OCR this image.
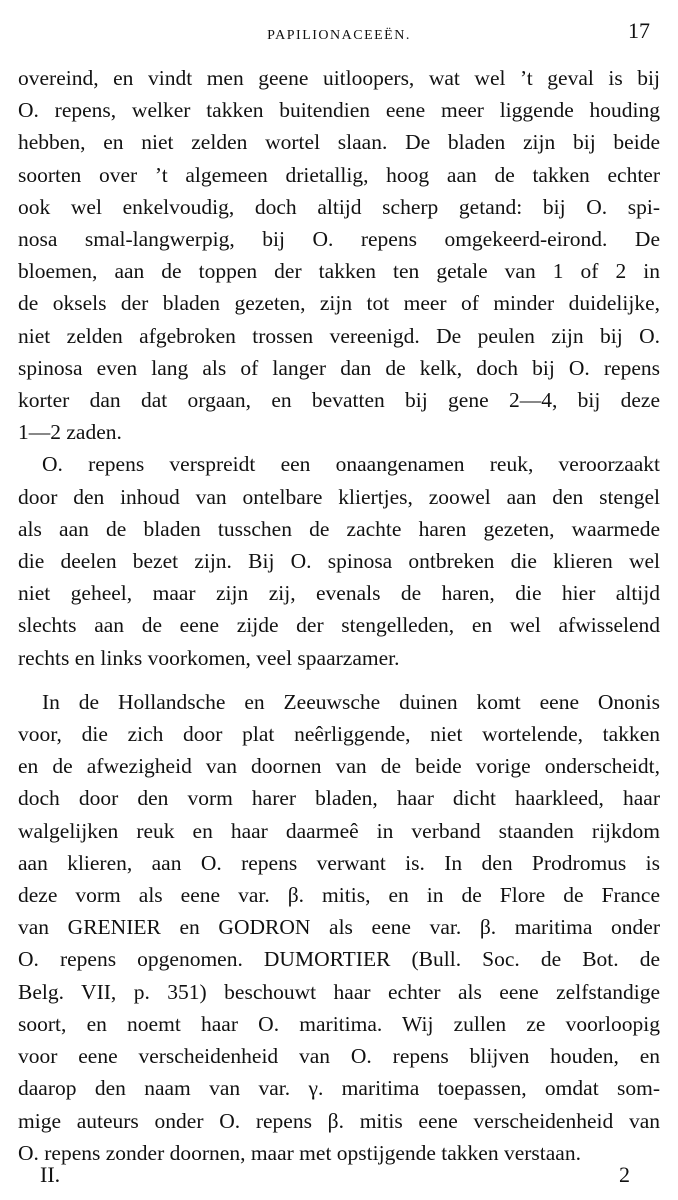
PAPILIONACEEËN.	17
overeind, en vindt men geene uitloopers, wat wel ’t geval is bij
O. repens, welker takken buitendien eene meer liggende houding
hebben, en niet zelden wortel slaan. De bladen zijn bij beide
soorten over ’t algemeen drietallig, hoog aan de takken echter
ook wel enkelvoudig, doch altijd scherp getand: bij O. spi-
nosa smal-langwerpig, bij O. repens omgekeerd-eirond. De
bloemen, aan de toppen der takken ten getale van 1 of 2 in
de oksels der bladen gezeten, zijn tot meer of minder duidelijke,
niet zelden afgebroken trossen vereenigd. De peulen zijn bij O.
spinosa even lang als of langer dan de kelk, doch bij O. repens
korter dan dat orgaan, en bevatten bij gene 2—4, bij deze
1—2 zaden.
O. repens verspreidt een onaangenamen reuk, veroorzaakt
door den inhoud van ontelbare kliertjes, zoowel aan den stengel
als aan de bladen tusschen de zachte haren gezeten, waarmede
die deelen bezet zijn. Bij O. spinosa ontbreken die klieren wel
niet geheel, maar zijn zij, evenals de haren, die hier altijd
slechts aan de eene zijde der stengelleden, en wel afwisselend
rechts en links voorkomen, veel spaarzamer.
In de Hollandsche en Zeeuwsche duinen komt eene Ononis
voor, die zich door plat neêrliggende, niet wortelende, takken
en de afwezigheid van doornen van de beide vorige onderscheidt,
doch door den vorm harer bladen, haar dicht haarkleed, haar
walgelijken reuk en haar daarmeê in verband staanden rijkdom
aan klieren, aan O. repens verwant is. In den Prodromus is
deze vorm als eene var. β. mitis, en in de Flore de France
van GRENIER en GODRON als eene var. β. maritima onder
O. repens opgenomen. DUMORTIER (Bull. Soc. de Bot. de
Belg. VII, p. 351) beschouwt haar echter als eene zelfstandige
soort, en noemt haar O. maritima. Wij zullen ze voorloopig
voor eene verscheidenheid van O. repens blijven houden, en
daarop den naam van var. γ. maritima toepassen, omdat som-
mige auteurs onder O. repens β. mitis eene verscheidenheid van
O. repens zonder doornen, maar met opstijgende takken verstaan.
II.	2
